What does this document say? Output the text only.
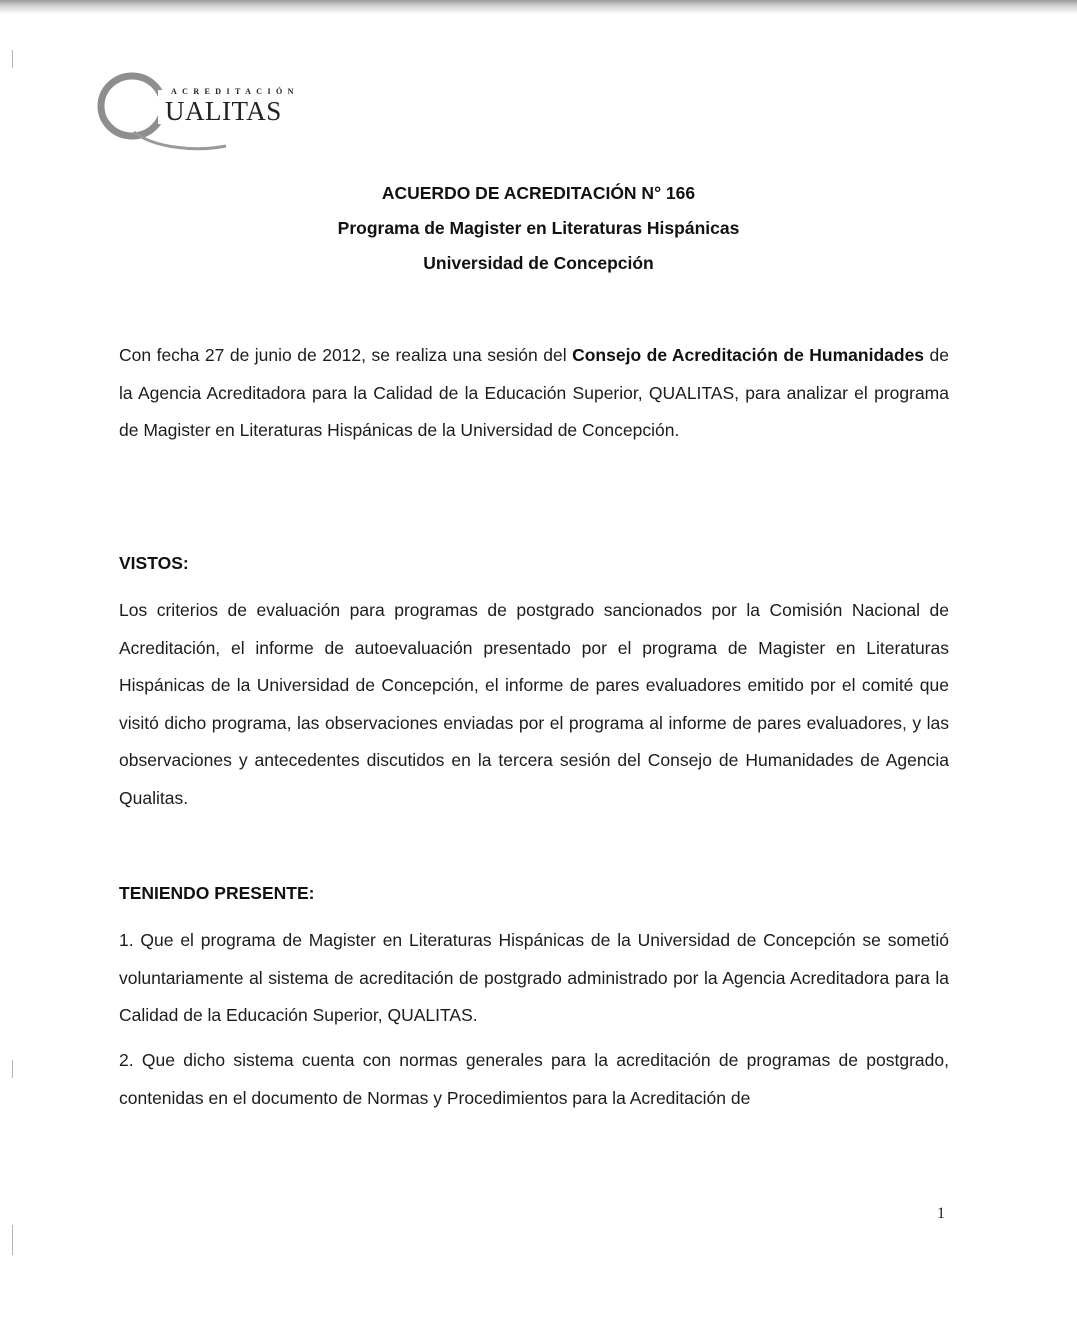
ACREDITACIÓN
UALITAS
ACUERDO DE ACREDITACIÓN N° 166
Programa de Magister en Literaturas Hispánicas
Universidad de Concepción
Con fecha 27 de junio de 2012, se realiza una sesión del Consejo de Acreditación de Humanidades de la Agencia Acreditadora para la Calidad de la Educación Superior, QUALITAS, para analizar el programa de Magister en Literaturas Hispánicas de la Universidad de Concepción.
VISTOS:
Los criterios de evaluación para programas de postgrado sancionados por la Comisión Nacional de Acreditación, el informe de autoevaluación presentado por el programa de Magister en Literaturas Hispánicas de la Universidad de Concepción, el informe de pares evaluadores emitido por el comité que visitó dicho programa, las observaciones enviadas por el programa al informe de pares evaluadores, y las observaciones y antecedentes discutidos en la tercera sesión del Consejo de Humanidades de Agencia Qualitas.
TENIENDO PRESENTE:
1. Que el programa de Magister en Literaturas Hispánicas de la Universidad de Concepción se sometió voluntariamente al sistema de acreditación de postgrado administrado por la Agencia Acreditadora para la Calidad de la Educación Superior, QUALITAS.
2. Que dicho sistema cuenta con normas generales para la acreditación de programas de postgrado, contenidas en el documento de Normas y Procedimientos para la Acreditación de
1
